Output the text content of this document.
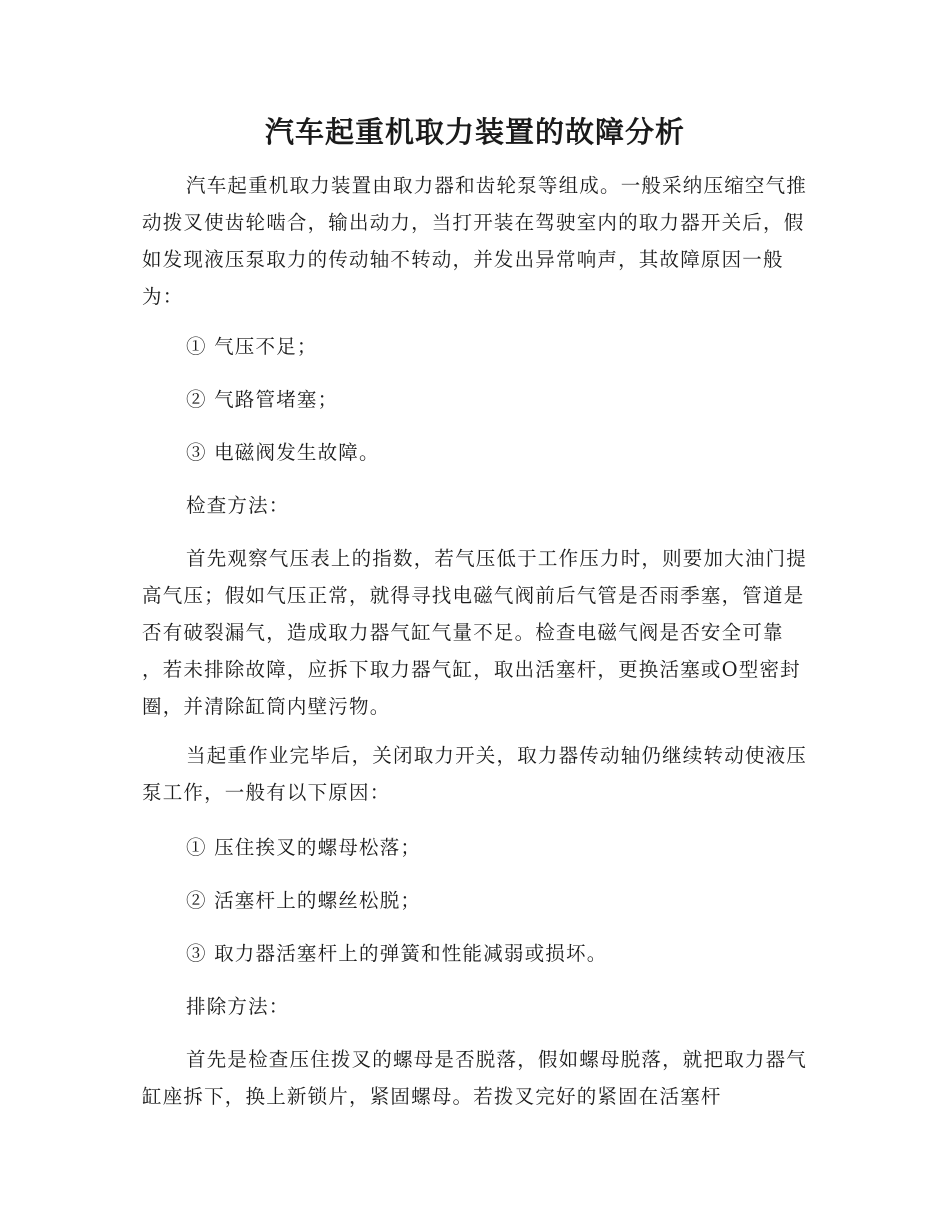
汽车起重机取力装置的故障分析

汽车起重机取力装置由取力器和齿轮泵等组成。一般采纳压缩空气推动拨叉使齿轮啮合，输出动力，当打开装在驾驶室内的取力器开关后，假如发现液压泵取力的传动轴不转动，并发出异常响声，其故障原因一般为：

① 气压不足；

② 气路管堵塞；

③ 电磁阀发生故障。

检查方法：

首先观察气压表上的指数，若气压低于工作压力时，则要加大油门提高气压；假如气压正常，就得寻找电磁气阀前后气管是否雨季塞，管道是否有破裂漏气，造成取力器气缸气量不足。检查电磁气阀是否安全可靠 ，若未排除故障，应拆下取力器气缸，取出活塞杆，更换活塞或O型密封圈，并清除缸筒内壁污物。

当起重作业完毕后，关闭取力开关，取力器传动轴仍继续转动使液压泵工作，一般有以下原因：

① 压住挨叉的螺母松落；

② 活塞杆上的螺丝松脱；

③ 取力器活塞杆上的弹簧和性能减弱或损坏。

排除方法：

首先是检查压住拨叉的螺母是否脱落，假如螺母脱落，就把取力器气缸座拆下，换上新锁片，紧固螺母。若拨叉完好的紧固在活塞杆
